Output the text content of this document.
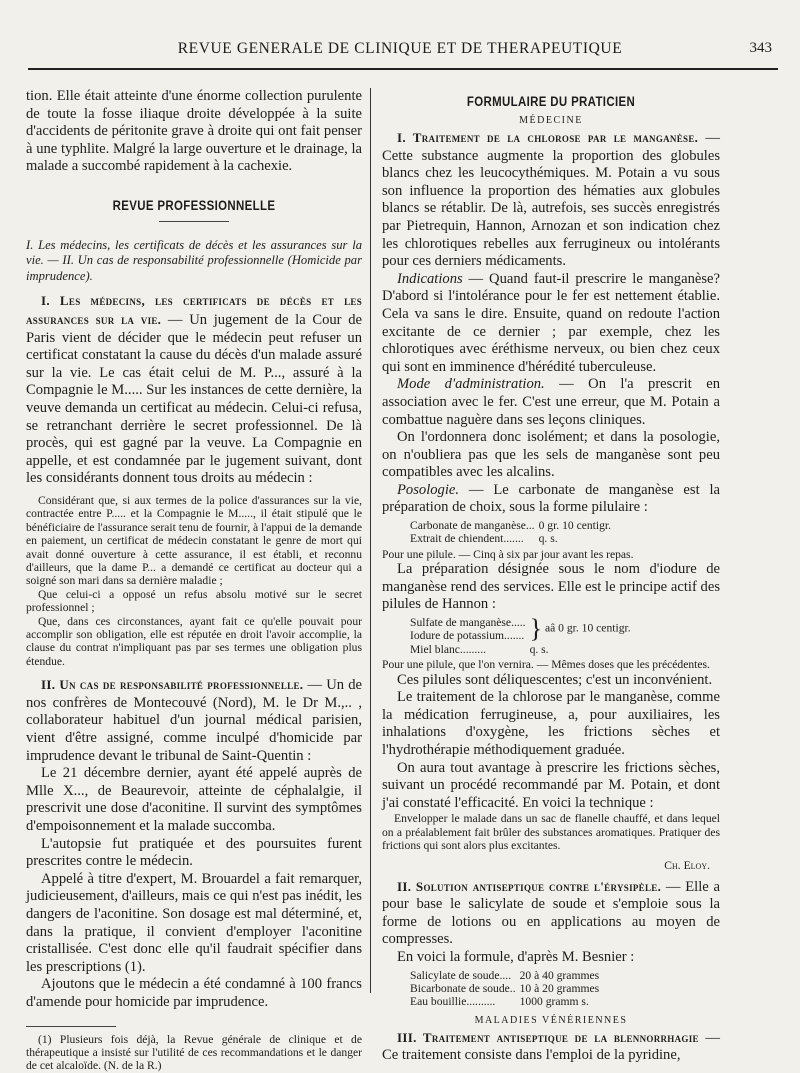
REVUE GENERALE DE CLINIQUE ET DE THERAPEUTIQUE	343

tion. Elle était atteinte d'une énorme collection purulente de toute la fosse iliaque droite développée à la suite d'accidents de péritonite grave à droite qui ont fait penser à une typhlite. Malgré la large ouverture et le drainage, la malade a succombé rapidement à la cachexie.

REVUE PROFESSIONNELLE

I. Les médecins, les certificats de décès et les assurances sur la vie. — II. Un cas de responsabilité professionnelle (Homicide par imprudence).

I. Les médecins, les certificats de décès et les assurances sur la vie. — Un jugement de la Cour de Paris vient de décider que le médecin peut refuser un certificat constatant la cause du décès d'un malade assuré sur la vie. Le cas était celui de M. P..., assuré à la Compagnie le M..... Sur les instances de cette dernière, la veuve demanda un certificat au médecin. Celui-ci refusa, se retranchant derrière le secret professionnel. De là procès, qui est gagné par la veuve. La Compagnie en appelle, et est condamnée par le jugement suivant, dont les considérants donnent tous droits au médecin :

Considérant que, si aux termes de la police d'assurances sur la vie, contractée entre P..... et la Compagnie le M....., il était stipulé que le bénéficiaire de l'assurance serait tenu de fournir, à l'appui de la demande en paiement, un certificat de médecin constatant le genre de mort qui avait donné ouverture à cette assurance, il est établi, et reconnu d'ailleurs, que la dame P... a demandé ce certificat au docteur qui a soigné son mari dans sa dernière maladie ;

Que celui-ci a opposé un refus absolu motivé sur le secret professionnel ;

Que, dans ces circonstances, ayant fait ce qu'elle pouvait pour accomplir son obligation, elle est réputée en droit l'avoir accomplie, la clause du contrat n'impliquant pas par ses termes une obligation plus étendue.

II. Un cas de responsabilité professionnelle. — Un de nos confrères de Montecouvé (Nord), M. le Dr M.,.. , collaborateur habituel d'un journal médical parisien, vient d'être assigné, comme inculpé d'homicide par imprudence devant le tribunal de Saint-Quentin :

Le 21 décembre dernier, ayant été appelé auprès de Mlle X..., de Beaurevoir, atteinte de céphalalgie, il prescrivit une dose d'aconitine. Il survint des symptômes d'empoisonnement et la malade succomba.

L'autopsie fut pratiquée et des poursuites furent prescrites contre le médecin.

Appelé à titre d'expert, M. Brouardel a fait remarquer, judicieusement, d'ailleurs, mais ce qui n'est pas inédit, les dangers de l'aconitine. Son dosage est mal déterminé, et, dans la pratique, il convient d'employer l'aconitine cristallisée. C'est donc elle qu'il faudrait spécifier dans les prescriptions (1).

Ajoutons que le médecin a été condamné à 100 francs d'amende pour homicide par imprudence.

(1) Plusieurs fois déjà, la Revue générale de clinique et de thérapeutique a insisté sur l'utilité de ces recommandations et le danger de cet alcaloïde. (N. de la R.)

FORMULAIRE DU PRATICIEN
MÉDECINE

I. Traitement de la chlorose par le manganèse. — Cette substance augmente la proportion des globules blancs chez les leucocythémiques. M. Potain a vu sous son influence la proportion des hématies aux globules blancs se rétablir. De là, autrefois, ses succès enregistrés par Pietrequin, Hannon, Arnozan et son indication chez les chlorotiques rebelles aux ferrugineux ou intolérants pour ces derniers médicaments.

Indications — Quand faut-il prescrire le manganèse? D'abord si l'intolérance pour le fer est nettement établie. Cela va sans le dire. Ensuite, quand on redoute l'action excitante de ce dernier ; par exemple, chez les chlorotiques avec éréthisme nerveux, ou bien chez ceux qui sont en imminence d'hérédité tuberculeuse.

Mode d'administration. — On l'a prescrit en association avec le fer. C'est une erreur, que M. Potain a combattue naguère dans ses leçons cliniques.

On l'ordonnera donc isolément; et dans la posologie, on n'oubliera pas que les sels de manganèse sont peu compatibles avec les alcalins.

Posologie. — Le carbonate de manganèse est la préparation de choix, sous la forme pilulaire :

Carbonate de manganèse...	0 gr. 10 centigr.
Extrait de chiendent.......	q. s.

Pour une pilule. — Cinq à six par jour avant les repas.

La préparation désignée sous le nom d'iodure de manganèse rend des services. Elle est le principe actif des pilules de Hannon :

Sulfate de manganèse.....	} aâ 0 gr. 10 centigr.
Iodure de potassium.......	
Miel blanc.........	q. s.

Pour une pilule, que l'on vernira. — Mêmes doses que les précédentes.

Ces pilules sont déliquescentes; c'est un inconvénient.

Le traitement de la chlorose par le manganèse, comme la médication ferrugineuse, a, pour auxiliaires, les inhalations d'oxygène, les frictions sèches et l'hydrothérapie méthodiquement graduée.

On aura tout avantage à prescrire les frictions sèches, suivant un procédé recommandé par M. Potain, et dont j'ai constaté l'efficacité. En voici la technique :

Envelopper le malade dans un sac de flanelle chauffé, et dans lequel on a préalablement fait brûler des substances aromatiques. Pratiquer des frictions qui sont alors plus excitantes.

Ch. Eloy.

II. Solution antiseptique contre l'érysipèle. — Elle a pour base le salicylate de soude et s'emploie sous la forme de lotions ou en applications au moyen de compresses.

En voici la formule, d'après M. Besnier :

Salicylate de soude....	20 à 40 grammes
Bicarbonate de soude..	10 à 20 grammes
Eau bouillie..........	1000 gramm s.
MALADIES VÉNÉRIENNES

III. Traitement antiseptique de la blennorrhagie — Ce traitement consiste dans l'emploi de la pyridine,
